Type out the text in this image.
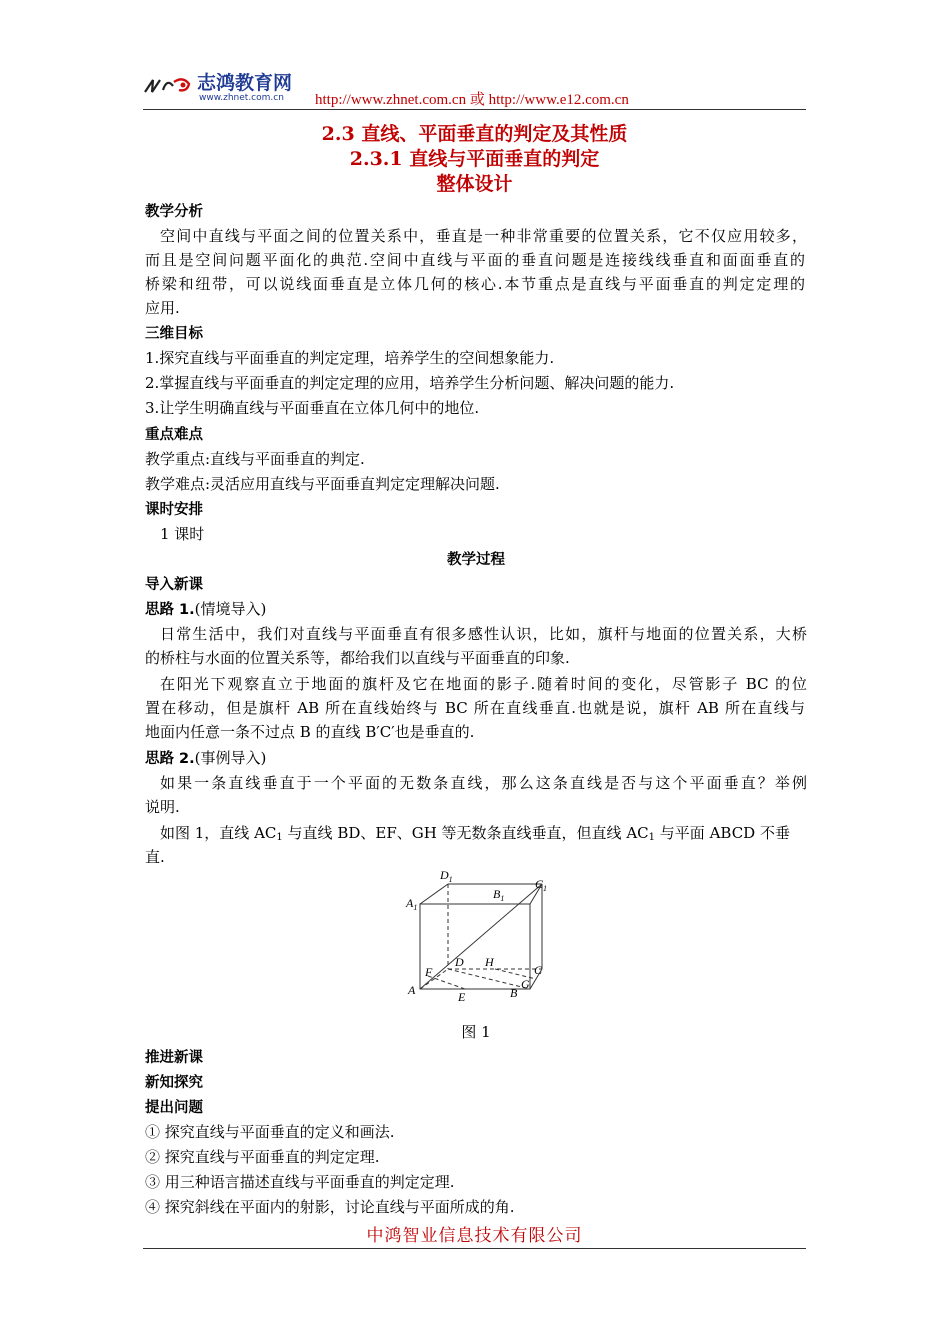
志鸿教育网
www.zhnet.com.cn http://www.zhnet.com.cn 或 http://www.e12.com.cn
2.3 直线、平面垂直的判定及其性质
2.3.1 直线与平面垂直的判定
整体设计
教学分析
空间中直线与平面之间的位置关系中，垂直是一种非常重要的位置关系，它不仅应用较多，
而且是空间问题平面化的典范.空间中直线与平面的垂直问题是连接线线垂直和面面垂直的
桥梁和纽带，可以说线面垂直是立体几何的核心.本节重点是直线与平面垂直的判定定理的
应用.
三维目标
1.探究直线与平面垂直的判定定理，培养学生的空间想象能力.
2.掌握直线与平面垂直的判定定理的应用，培养学生分析问题、解决问题的能力.
3.让学生明确直线与平面垂直在立体几何中的地位.
重点难点
教学重点:直线与平面垂直的判定.
教学难点:灵活应用直线与平面垂直判定定理解决问题.
课时安排
1 课时
教学过程
导入新课
思路 1.(情境导入)
日常生活中，我们对直线与平面垂直有很多感性认识，比如，旗杆与地面的位置关系，大桥
的桥柱与水面的位置关系等，都给我们以直线与平面垂直的印象.
在阳光下观察直立于地面的旗杆及它在地面的影子.随着时间的变化，尽管影子 BC 的位
置在移动，但是旗杆 AB 所在直线始终与 BC 所在直线垂直.也就是说，旗杆 AB 所在直线与
地面内任意一条不过点 B 的直线 B′C′也是垂直的.
思路 2.(事例导入)
如果一条直线垂直于一个平面的无数条直线，那么这条直线是否与这个平面垂直？举例
说明.
如图 1，直线 $AC_1$ 与直线 BD、EF、GH 等无数条直线垂直，但直线 $AC_1$ 与平面 ABCD 不垂
直.
$D_1$	$C_1$
$A_1$
$B_1$
F
D H
C
A	E	B
G
图 1
推进新课
新知探究
提出问题
① 探究直线与平面垂直的定义和画法.
② 探究直线与平面垂直的判定定理.
③ 用三种语言描述直线与平面垂直的判定定理.
④ 探究斜线在平面内的射影，讨论直线与平面所成的角.
中鸿智业信息技术有限公司
